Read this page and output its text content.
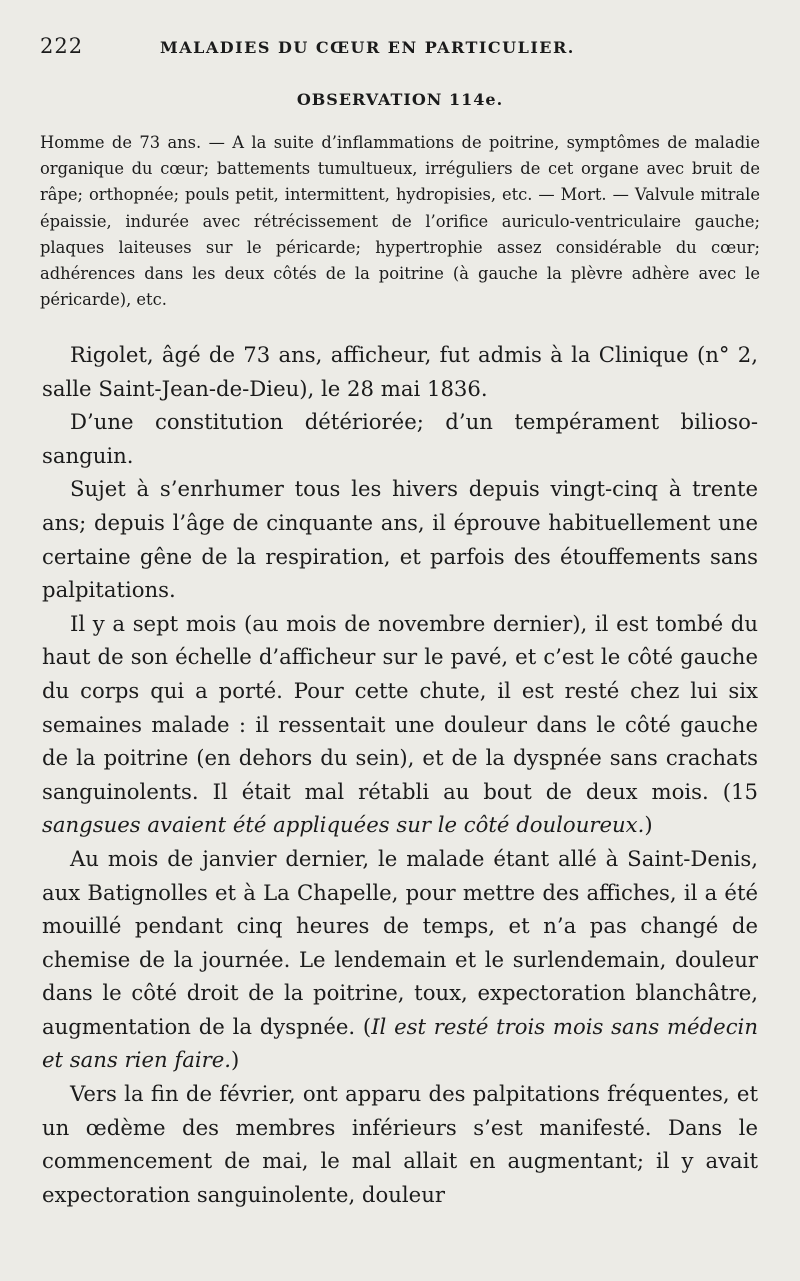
222	MALADIES DU CŒUR EN PARTICULIER.
OBSERVATION 114e.

Homme de 73 ans. — A la suite d’inflammations de poitrine, symptômes de maladie organique du cœur; battements tumultueux, irréguliers de cet organe avec bruit de râpe; orthopnée; pouls petit, intermittent, hydropisies, etc. — Mort. — Valvule mitrale épaissie, indurée avec rétrécissement de l’orifice auriculo-ventriculaire gauche; plaques laiteuses sur le péricarde; hypertrophie assez considérable du cœur; adhérences dans les deux côtés de la poitrine (à gauche la plèvre adhère avec le péricarde), etc.

Rigolet, âgé de 73 ans, afficheur, fut admis à la Clinique (n° 2, salle Saint-Jean-de-Dieu), le 28 mai 1836.

D’une constitution détériorée; d’un tempérament bilioso-sanguin.

Sujet à s’enrhumer tous les hivers depuis vingt-cinq à trente ans; depuis l’âge de cinquante ans, il éprouve habituellement une certaine gêne de la respiration, et parfois des étouffements sans palpitations.

Il y a sept mois (au mois de novembre dernier), il est tombé du haut de son échelle d’afficheur sur le pavé, et c’est le côté gauche du corps qui a porté. Pour cette chute, il est resté chez lui six semaines malade : il ressentait une douleur dans le côté gauche de la poitrine (en dehors du sein), et de la dyspnée sans crachats sanguinolents. Il était mal rétabli au bout de deux mois. (15 sangsues avaient été appliquées sur le côté douloureux.)

Au mois de janvier dernier, le malade étant allé à Saint-Denis, aux Batignolles et à La Chapelle, pour mettre des affiches, il a été mouillé pendant cinq heures de temps, et n’a pas changé de chemise de la journée. Le lendemain et le surlendemain, douleur dans le côté droit de la poitrine, toux, expectoration blanchâtre, augmentation de la dyspnée. (Il est resté trois mois sans médecin et sans rien faire.)

Vers la fin de février, ont apparu des palpitations fréquentes, et un œdème des membres inférieurs s’est manifesté. Dans le commencement de mai, le mal allait en augmentant; il y avait expectoration sanguinolente, douleur
